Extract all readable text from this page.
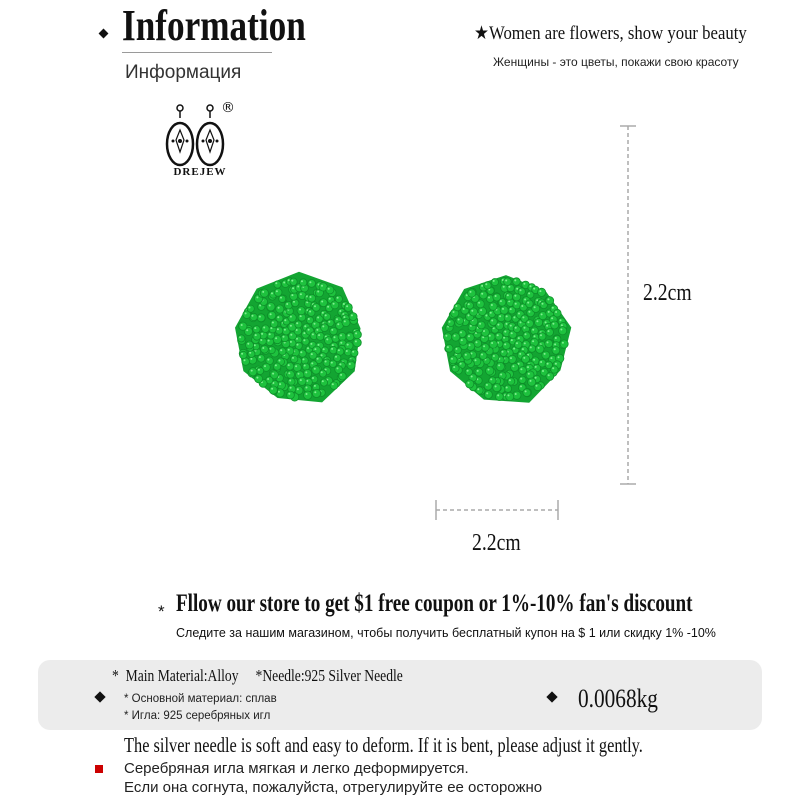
Information
Информация
★Women are flowers, show your beauty
Женщины - это цветы, покажи свою красоту
®
DREJEW
2.2cm
2.2cm
* Fllow our store to get $1 free coupon or 1%-10% fan's discount
Следите за нашим магазином, чтобы получить бесплатный купон на $ 1 или скидку 1% -10%
*  Main Material:Alloy     *Needle:925 Silver Needle
* Основной материал: сплав
* Игла: 925 серебряных игл
0.0068kg
The silver needle is soft and easy to deform. If it is bent, please adjust it gently.
Серебряная игла мягкая и легко деформируется.
Если она согнута, пожалуйста, отрегулируйте ее осторожно
